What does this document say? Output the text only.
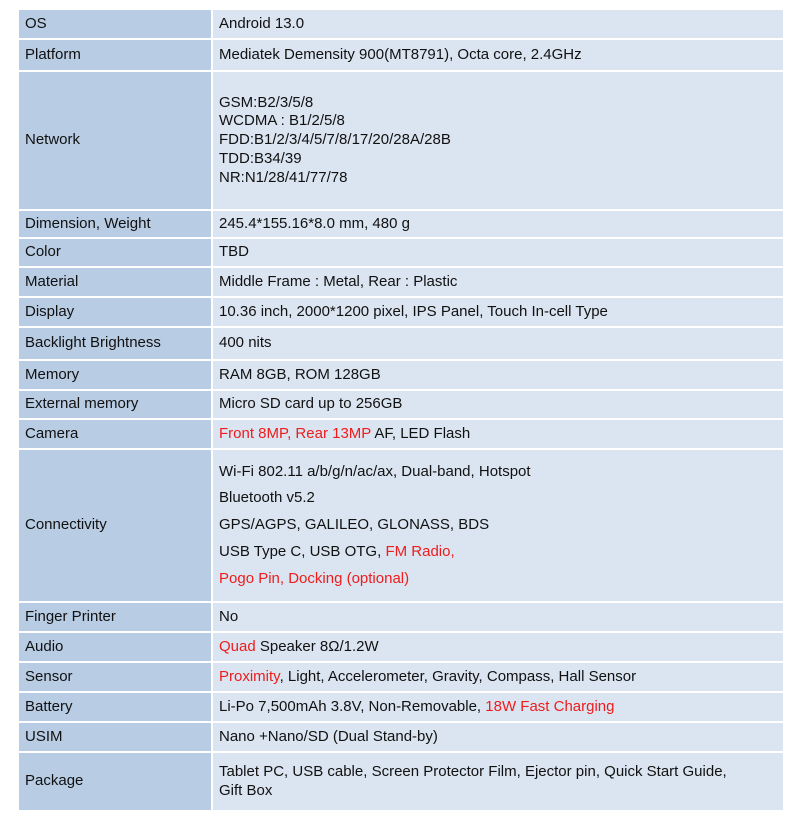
OS	Android 13.0
Platform	Mediatek Demensity 900(MT8791), Octa core, 2.4GHz
Network	GSM:B2/3/5/8
WCDMA : B1/2/5/8
FDD:B1/2/3/4/5/7/8/17/20/28A/28B
TDD:B34/39
NR:N1/28/41/77/78

Dimension, Weight	245.4*155.16*8.0 mm, 480 g
Color	TBD
Material	Middle Frame : Metal, Rear : Plastic
Display	10.36 inch, 2000*1200 pixel, IPS Panel, Touch In-cell Type
Backlight Brightness	400 nits
Memory	RAM 8GB, ROM 128GB
External memory	Micro SD card up to 256GB
Camera	Front 8MP, Rear 13MP AF, LED Flash
Connectivity	Wi-Fi 802.11 a/b/g/n/ac/ax, Dual-band, Hotspot
Bluetooth v5.2
GPS/AGPS, GALILEO, GLONASS, BDS
USB Type C, USB OTG, FM Radio,
Pogo Pin, Docking (optional)

Finger Printer	No
Audio	Quad Speaker 8Ω/1.2W
Sensor	Proximity, Light, Accelerometer, Gravity, Compass, Hall Sensor
Battery	Li-Po 7,500mAh 3.8V, Non-Removable, 18W Fast Charging
USIM	Nano +Nano/SD (Dual Stand-by)
Package	Tablet PC, USB cable, Screen Protector Film, Ejector pin, Quick Start Guide,
Gift Box
